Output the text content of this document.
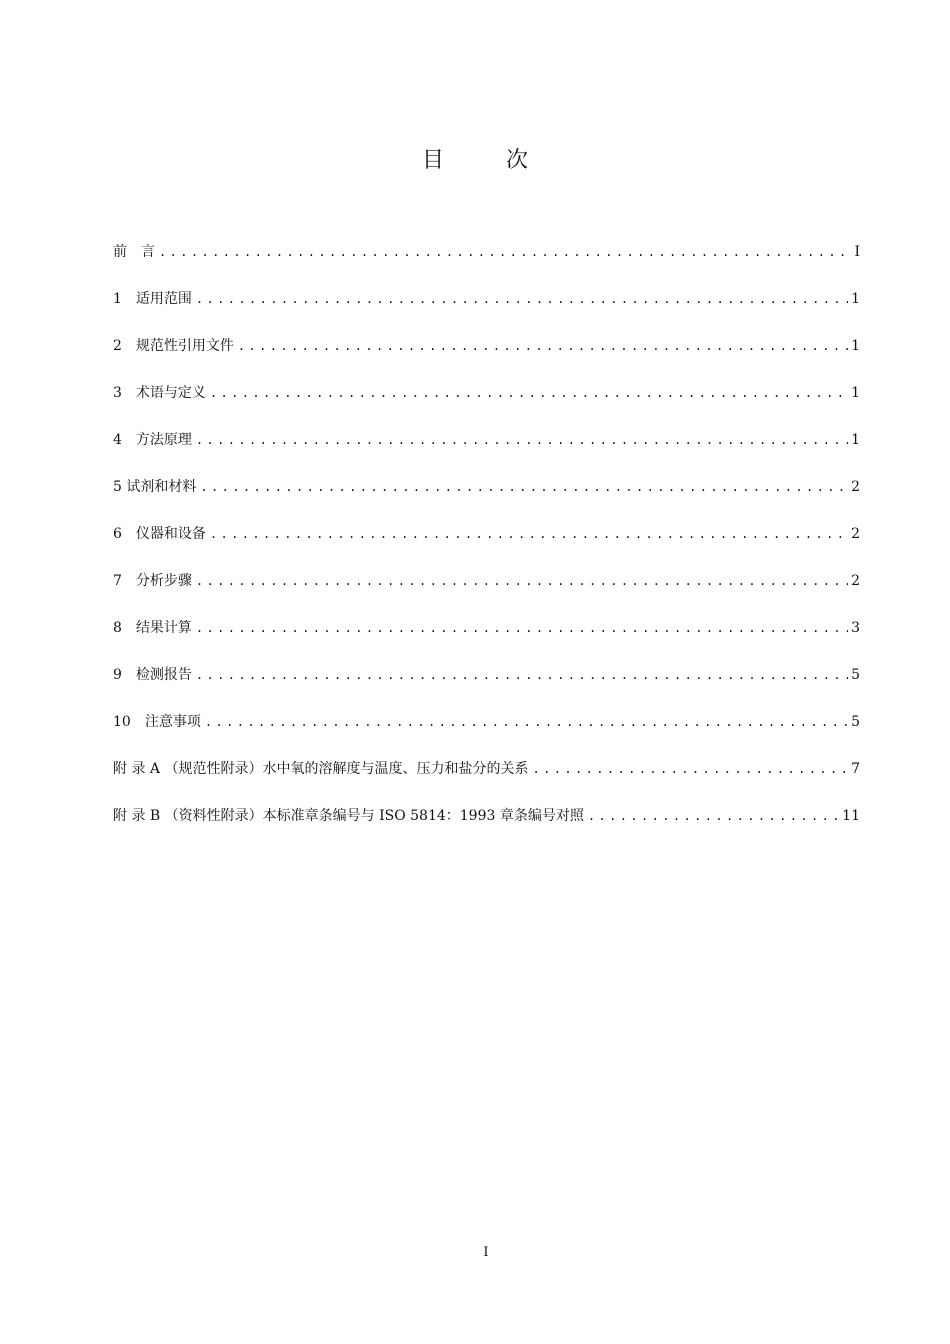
目	次
前　言 .....	I
1　适用范围 .....	1
2　规范性引用文件 .....	1
3　术语与定义 .....	1
4　方法原理 .....	1
5 试剂和材料 .....	2
6　仪器和设备 .....	2
7　分析步骤 .....	2
8　结果计算 .....	3
9　检测报告 .....	5
10　注意事项 .....	5
附 录 A （规范性附录）水中氧的溶解度与温度、压力和盐分的关系 .....	7
附 录 B （资料性附录）本标准章条编号与 ISO 5814：1993 章条编号对照 .....	11
I
